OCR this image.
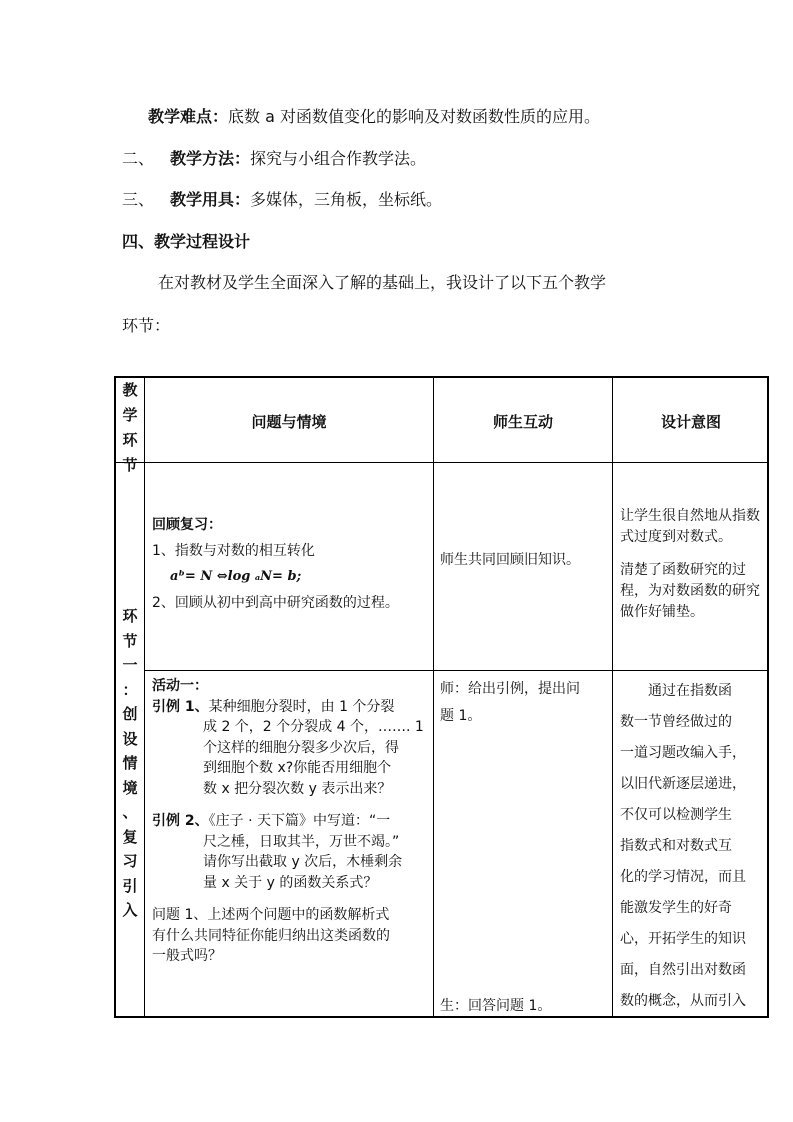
教学难点：底数 a 对函数值变化的影响及对数函数性质的应用。
二、 教学方法：探究与小组合作教学法。
三、 教学用具：多媒体，三角板，坐标纸。
四、教学过程设计
在对教材及学生全面深入了解的基础上，我设计了以下五个教学
环节：
教
学
环
节
问题与情境	师生互动	设计意图
环
节
一
：
创
设
情
境
、
复
习
引
入

回顾复习：

1、指数与对数的相互转化

aᵇ= N ⇔log ₐN= b;

2、回顾从初中到高中研究函数的过程。

师生共同回顾旧知识。

让学生很自然地从指数式过度到对数式。

清楚了函数研究的过程，为对数函数的研究做作好铺垫。

活动一：

引例 1、某种细胞分裂时，由 1 个分裂

成 2 个，2 个分裂成 4 个，……. 1

个这样的细胞分裂多少次后，得

到细胞个数 x?你能否用细胞个

数 x 把分裂次数 y 表示出来？

引例 2、《庄子 · 天下篇》中写道：“一

尺之棰，日取其半，万世不竭。”

请你写出截取 y 次后，木棰剩余

量 x 关于 y 的函数关系式？

问题 1、上述两个问题中的函数解析式

有什么共同特征你能归纳出这类函数的

一般式吗？

师：给出引例，提出问

题 1。

生：回答问题 1。
通过在指数函
数一节曾经做过的
一道习题改编入手，
以旧代新逐层递进，
不仅可以检测学生
指数式和对数式互
化的学习情况，而且
能激发学生的好奇
心，开拓学生的知识
面，自然引出对数函
数的概念，从而引入
